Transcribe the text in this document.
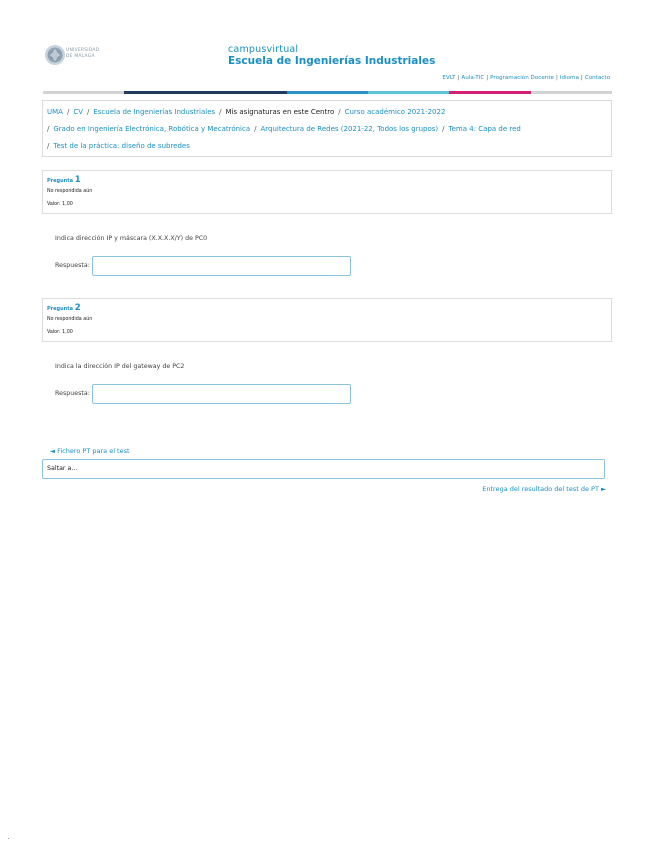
UNIVERSIDAD DE MÁLAGA
campusvirtual
Escuela de Ingenierías Industriales
EVLT | Aula-TIC | Programación Docente | Idioma | Contacto
UMA / CV / Escuela de Ingenierías Industriales / Mis asignaturas en este Centro / Curso académico 2021-2022
/ Grado en Ingeniería Electrónica, Robótica y Mecatrónica / Arquitectura de Redes (2021-22, Todos los grupos) / Tema 4: Capa de red
/ Test de la práctica: diseño de subredes
Pregunta 1
No respondida aún
Valor: 1,00
Indica dirección IP y máscara (X.X.X.X/Y) de PC0
Respuesta:
Pregunta 2
No respondida aún
Valor: 1,00
Indica la dirección IP del gateway de PC2
Respuesta:
◄ Fichero PT para el test
Saltar a...
Entrega del resultado del test de PT ►
